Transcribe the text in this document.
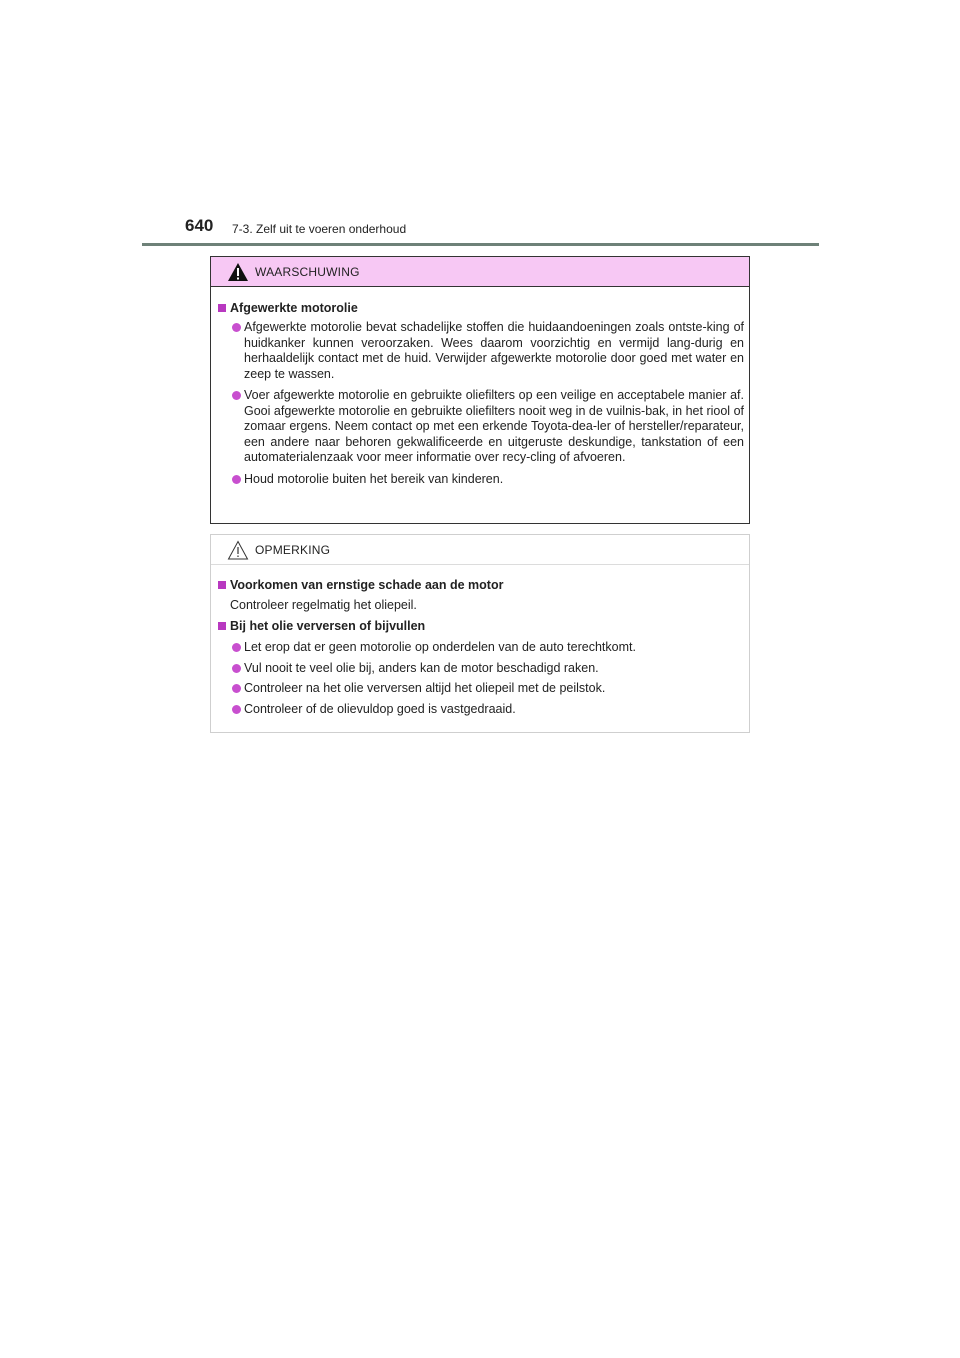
640 7-3. Zelf uit te voeren onderhoud
WAARSCHUWING
Afgewerkte motorolie
Afgewerkte motorolie bevat schadelijke stoffen die huidaandoeningen zoals ontste-king of huidkanker kunnen veroorzaken. Wees daarom voorzichtig en vermijd lang-durig en herhaaldelijk contact met de huid. Verwijder afgewerkte motorolie door goed met water en zeep te wassen.
Voer afgewerkte motorolie en gebruikte oliefilters op een veilige en acceptabele manier af. Gooi afgewerkte motorolie en gebruikte oliefilters nooit weg in de vuilnis-bak, in het riool of zomaar ergens. Neem contact op met een erkende Toyota-dea-ler of hersteller/reparateur, een andere naar behoren gekwalificeerde en uitgeruste deskundige, tankstation of een automaterialenzaak voor meer informatie over recy-cling of afvoeren.
Houd motorolie buiten het bereik van kinderen.
OPMERKING
Voorkomen van ernstige schade aan de motor
Controleer regelmatig het oliepeil.
Bij het olie verversen of bijvullen
Let erop dat er geen motorolie op onderdelen van de auto terechtkomt.
Vul nooit te veel olie bij, anders kan de motor beschadigd raken.
Controleer na het olie verversen altijd het oliepeil met de peilstok.
Controleer of de olievuldop goed is vastgedraaid.
